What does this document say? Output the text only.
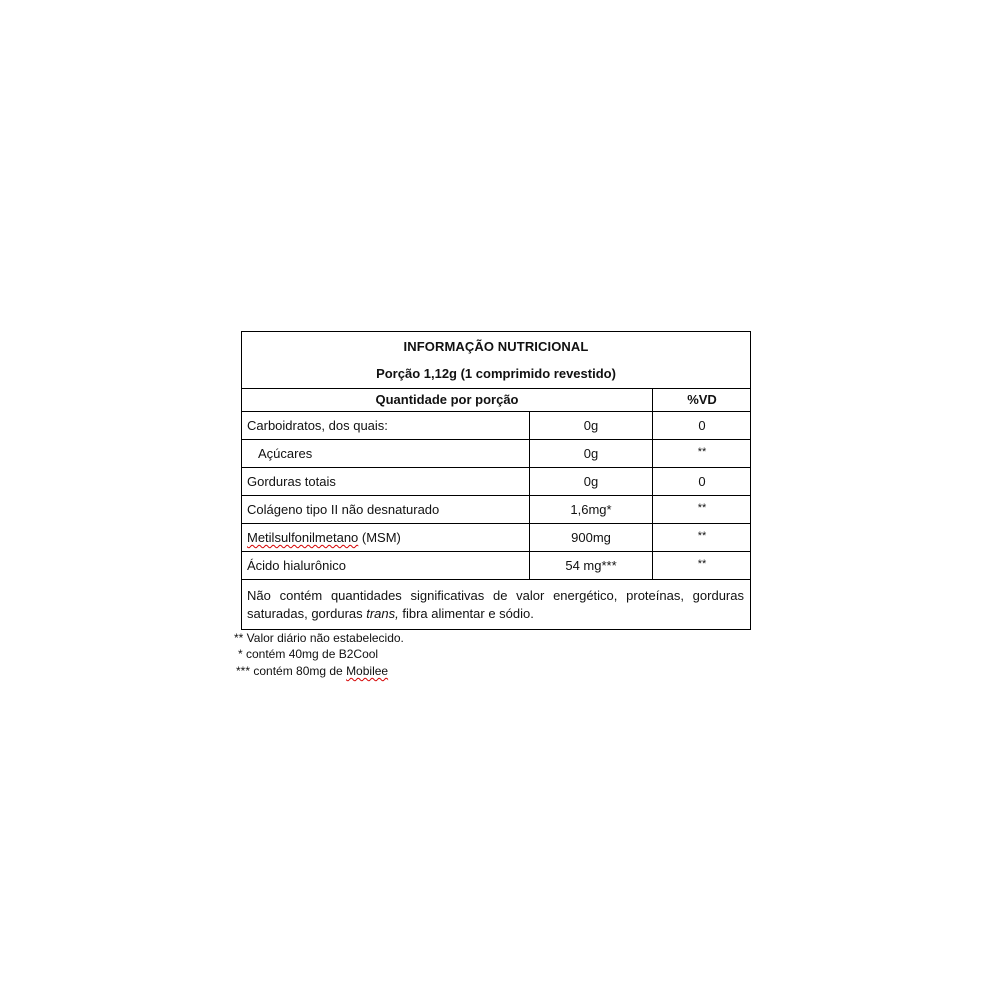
INFORMAÇÃO NUTRICIONAL
Porção 1,12g (1 comprimido revestido)
Quantidade por porção	%VD
Carboidratos, dos quais:	0g	0
Açúcares	0g	**
Gorduras totais	0g	0
Colágeno tipo II não desnaturado	1,6mg*	**
Metilsulfonilmetano (MSM)	900mg	**
Ácido hialurônico	54 mg***	**
Não contém quantidades significativas de valor energético, proteínas, gorduras saturadas, gorduras trans, fibra alimentar e sódio.
** Valor diário não estabelecido.
* contém 40mg de B2Cool
*** contém 80mg de Mobilee
